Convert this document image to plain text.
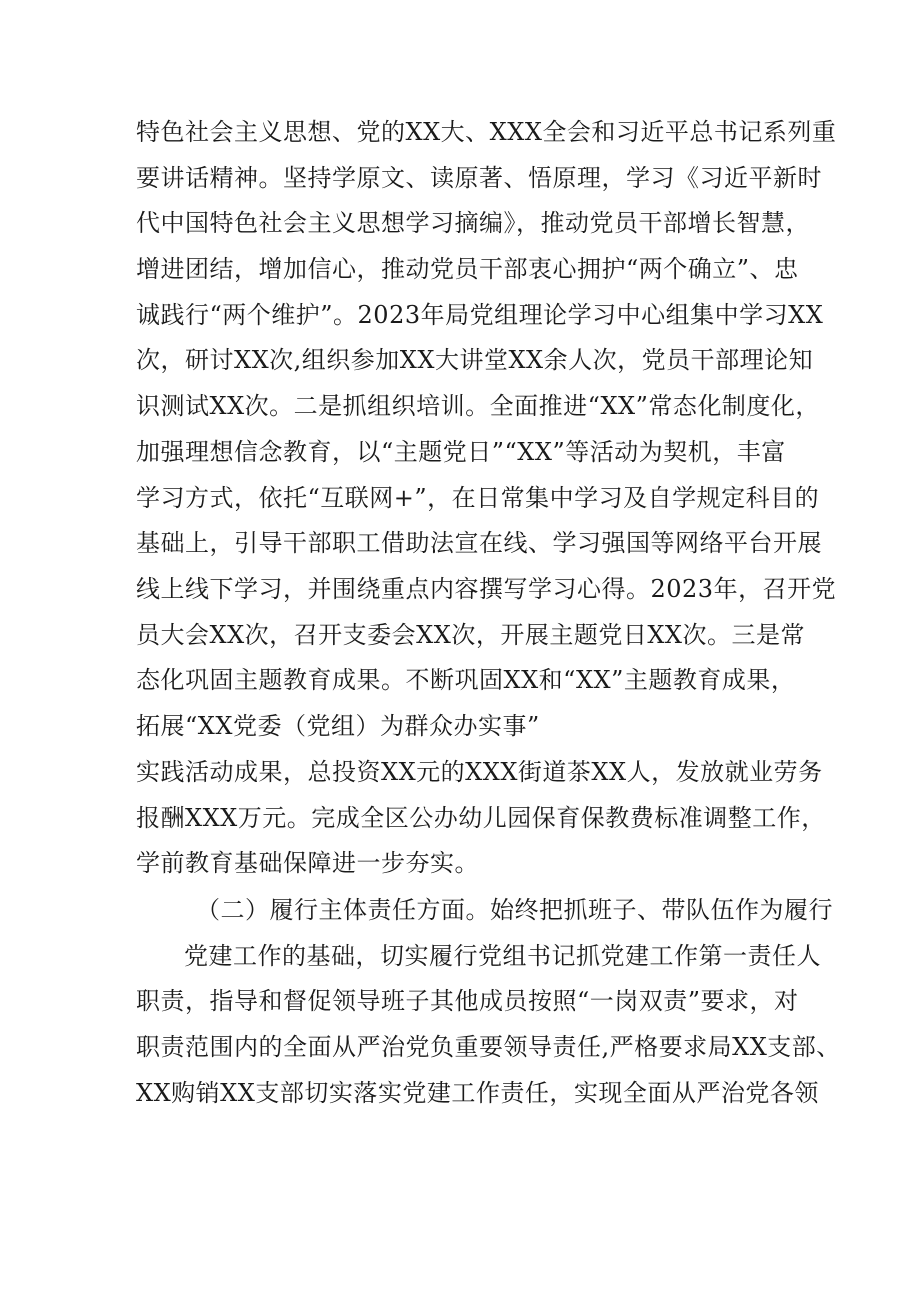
特色社会主义思想、党的XX大、XXX全会和习近平总书记系列重
要讲话精神。坚持学原文、读原著、悟原理，学习《习近平新时
代中国特色社会主义思想学习摘编》，推动党员干部增长智慧，
增进团结，增加信心，推动党员干部衷心拥护“两个确立”、忠
诚践行“两个维护”。2023年局党组理论学习中心组集中学习XX
次，研讨XX次,组织参加XX大讲堂XX余人次，党员干部理论知
识测试XX次。二是抓组织培训。全面推进“XX”常态化制度化，
加强理想信念教育，以“主题党日”“XX”等活动为契机，丰富
学习方式，依托“互联网+”，在日常集中学习及自学规定科目的
基础上，引导干部职工借助法宣在线、学习强国等网络平台开展
线上线下学习，并围绕重点内容撰写学习心得。2023年，召开党
员大会XX次，召开支委会XX次，开展主题党日XX次。三是常
态化巩固主题教育成果。不断巩固XX和“XX”主题教育成果，
拓展“XX党委（党组）为群众办实事”
实践活动成果，总投资XX元的XXX街道茶XX人，发放就业劳务
报酬XXX万元。完成全区公办幼儿园保育保教费标准调整工作，
学前教育基础保障进一步夯实。
（二）履行主体责任方面。始终把抓班子、带队伍作为履行
党建工作的基础，切实履行党组书记抓党建工作第一责任人
职责，指导和督促领导班子其他成员按照“一岗双责”要求，对
职责范围内的全面从严治党负重要领导责任,严格要求局XX支部、
XX购销XX支部切实落实党建工作责任，实现全面从严治党各领
